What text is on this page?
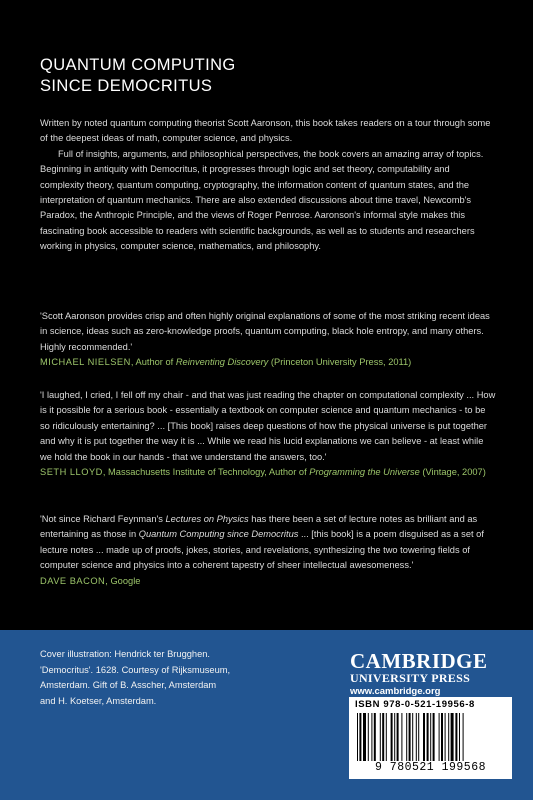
QUANTUM COMPUTING
SINCE DEMOCRITUS

Written by noted quantum computing theorist Scott Aaronson, this book takes readers on a tour through some of the deepest ideas of math, computer science, and physics.

Full of insights, arguments, and philosophical perspectives, the book covers an amazing array of topics. Beginning in antiquity with Democritus, it progresses through logic and set theory, computability and complexity theory, quantum computing, cryptography, the information content of quantum states, and the interpretation of quantum mechanics. There are also extended discussions about time travel, Newcomb's Paradox, the Anthropic Principle, and the views of Roger Penrose. Aaronson's informal style makes this fascinating book accessible to readers with scientific backgrounds, as well as to students and researchers working in physics, computer science, mathematics, and philosophy.

'Scott Aaronson provides crisp and often highly original explanations of some of the most striking recent ideas in science, ideas such as zero-knowledge proofs, quantum computing, black hole entropy, and many others. Highly recommended.'

MICHAEL NIELSEN, Author of Reinventing Discovery (Princeton University Press, 2011)

'I laughed, I cried, I fell off my chair - and that was just reading the chapter on computational complexity ... How is it possible for a serious book - essentially a textbook on computer science and quantum mechanics - to be so ridiculously entertaining? ... [This book] raises deep questions of how the physical universe is put together and why it is put together the way it is ... While we read his lucid explanations we can believe - at least while we hold the book in our hands - that we understand the answers, too.'

SETH LLOYD, Massachusetts Institute of Technology, Author of Programming the Universe (Vintage, 2007)

'Not since Richard Feynman's Lectures on Physics has there been a set of lecture notes as brilliant and as entertaining as those in Quantum Computing since Democritus ... [this book] is a poem disguised as a set of lecture notes ... made up of proofs, jokes, stories, and revelations, synthesizing the two towering fields of computer science and physics into a coherent tapestry of sheer intellectual awesomeness.'

DAVE BACON, Google

Cover illustration: Hendrick ter Brugghen.
'Democritus'. 1628. Courtesy of Rijksmuseum,
Amsterdam. Gift of B. Asscher, Amsterdam
and H. Koetser, Amsterdam.
CAMBRIDGE
UNIVERSITY PRESS
www.cambridge.org
ISBN 978-0-521-19956-8
9 780521 199568
